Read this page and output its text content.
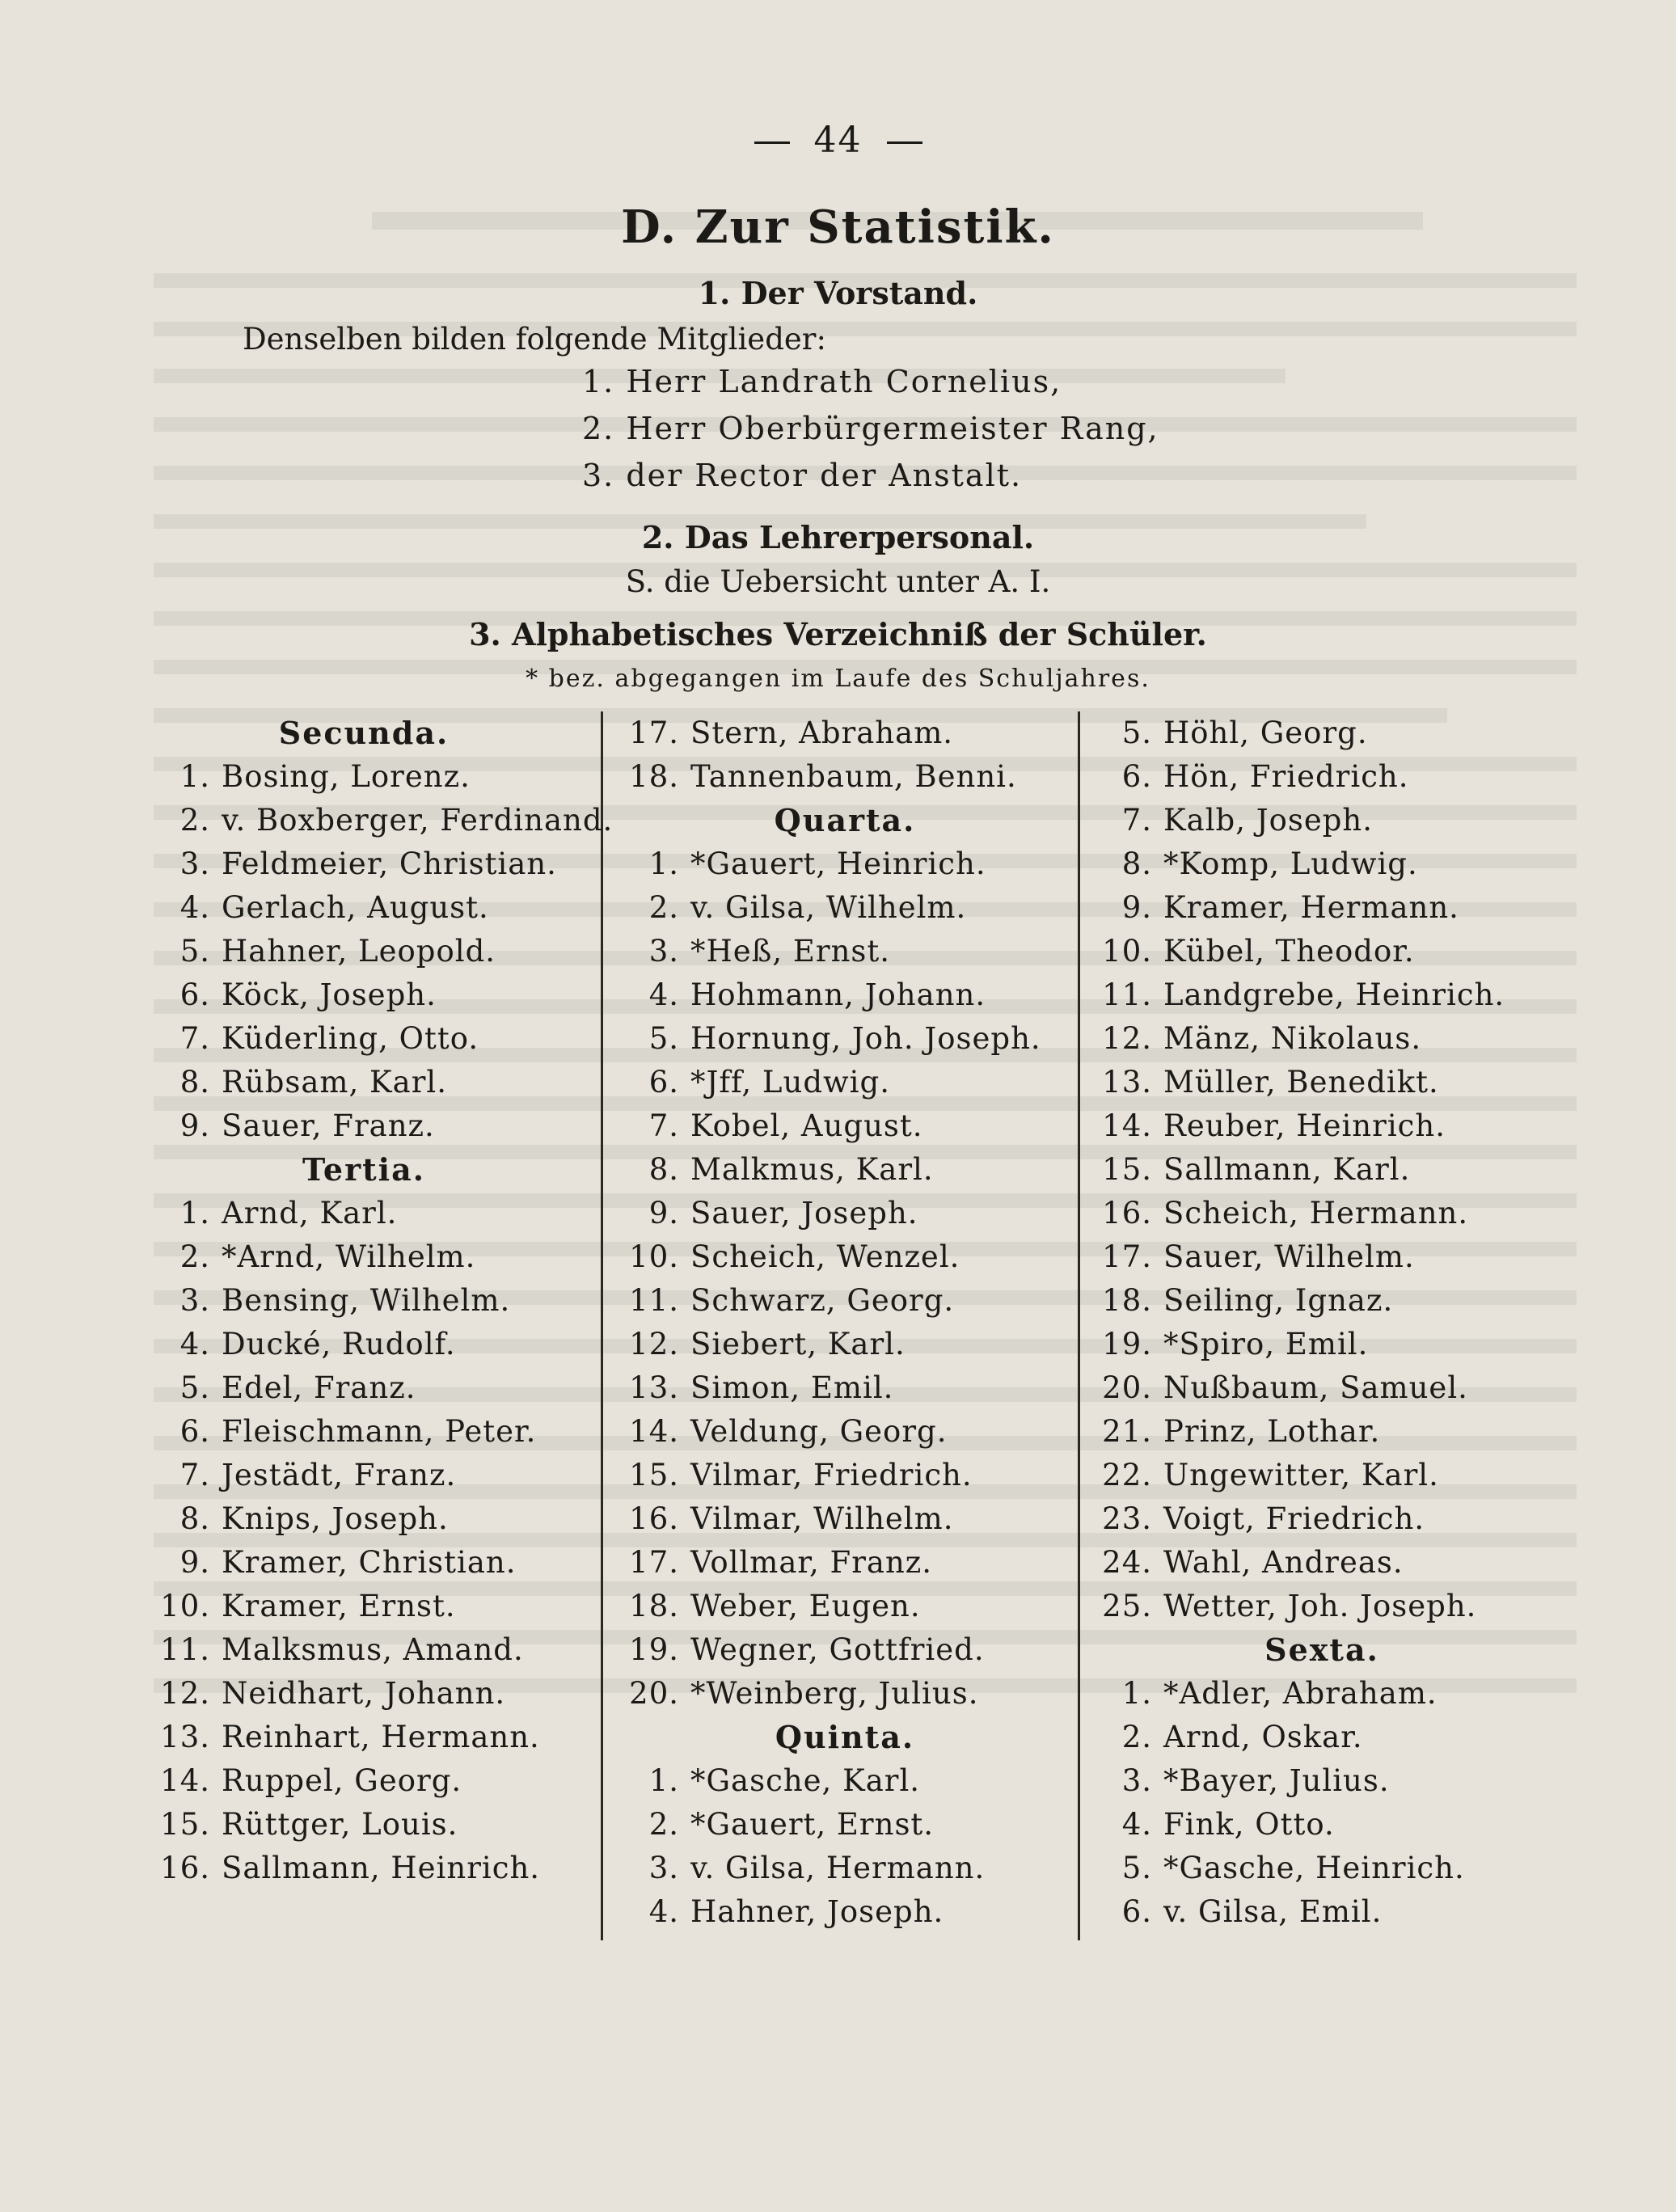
44
D. Zur Statistik.
1. Der Vorstand.
Denselben bilden folgende Mitglieder:
1. Herr Landrath Cornelius,
2. Herr Oberbürgermeister Rang,
3. der Rector der Anstalt.
2. Das Lehrerpersonal.
S. die Uebersicht unter A. I.
3. Alphabetisches Verzeichniß der Schüler.
* bez. abgegangen im Laufe des Schuljahres.
Secunda.
1. Bosing, Lorenz.
2. v. Boxberger, Ferdinand.
3. Feldmeier, Christian.
4. Gerlach, August.
5. Hahner, Leopold.
6. Köck, Joseph.
7. Küderling, Otto.
8. Rübsam, Karl.
9. Sauer, Franz.
Tertia.
1. Arnd, Karl.
2. *Arnd, Wilhelm.
3. Bensing, Wilhelm.
4. Ducké, Rudolf.
5. Edel, Franz.
6. Fleischmann, Peter.
7. Jestädt, Franz.
8. Knips, Joseph.
9. Kramer, Christian.
10. Kramer, Ernst.
11. Malksmus, Amand.
12. Neidhart, Johann.
13. Reinhart, Hermann.
14. Ruppel, Georg.
15. Rüttger, Louis.
16. Sallmann, Heinrich.
17. Stern, Abraham.
18. Tannenbaum, Benni.
Quarta.
1. *Gauert, Heinrich.
2. v. Gilsa, Wilhelm.
3. *Heß, Ernst.
4. Hohmann, Johann.
5. Hornung, Joh. Joseph.
6. *Jff, Ludwig.
7. Kobel, August.
8. Malkmus, Karl.
9. Sauer, Joseph.
10. Scheich, Wenzel.
11. Schwarz, Georg.
12. Siebert, Karl.
13. Simon, Emil.
14. Veldung, Georg.
15. Vilmar, Friedrich.
16. Vilmar, Wilhelm.
17. Vollmar, Franz.
18. Weber, Eugen.
19. Wegner, Gottfried.
20. *Weinberg, Julius.
Quinta.
1. *Gasche, Karl.
2. *Gauert, Ernst.
3. v. Gilsa, Hermann.
4. Hahner, Joseph.
5. Höhl, Georg.
6. Hön, Friedrich.
7. Kalb, Joseph.
8. *Komp, Ludwig.
9. Kramer, Hermann.
10. Kübel, Theodor.
11. Landgrebe, Heinrich.
12. Mänz, Nikolaus.
13. Müller, Benedikt.
14. Reuber, Heinrich.
15. Sallmann, Karl.
16. Scheich, Hermann.
17. Sauer, Wilhelm.
18. Seiling, Ignaz.
19. *Spiro, Emil.
20. Nußbaum, Samuel.
21. Prinz, Lothar.
22. Ungewitter, Karl.
23. Voigt, Friedrich.
24. Wahl, Andreas.
25. Wetter, Joh. Joseph.
Sexta.
1. *Adler, Abraham.
2. Arnd, Oskar.
3. *Bayer, Julius.
4. Fink, Otto.
5. *Gasche, Heinrich.
6. v. Gilsa, Emil.
